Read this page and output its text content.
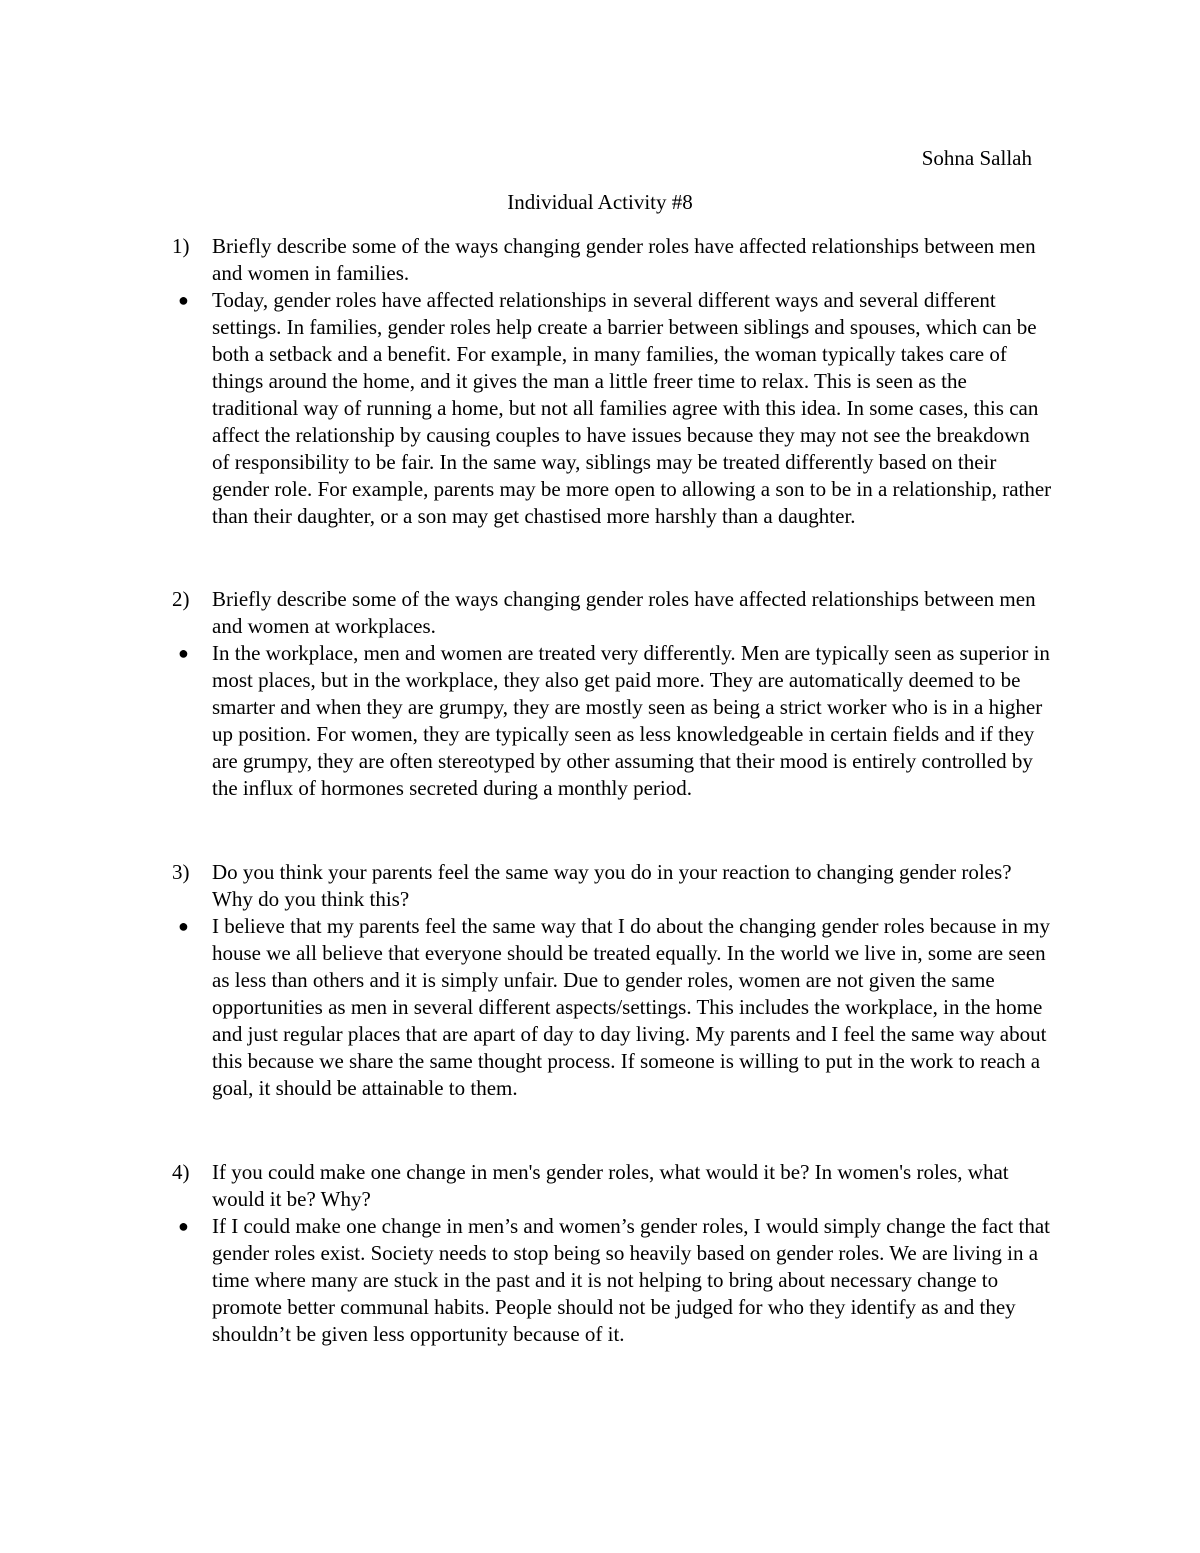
Sohna Sallah

Individual Activity #8

1) Briefly describe some of the ways changing gender roles have affected relationships between men and women in families.
● Today, gender roles have affected relationships in several different ways and several different settings. In families, gender roles help create a barrier between siblings and spouses, which can be both a setback and a benefit. For example, in many families, the woman typically takes care of things around the home, and it gives the man a little freer time to relax. This is seen as the traditional way of running a home, but not all families agree with this idea. In some cases, this can affect the relationship by causing couples to have issues because they may not see the breakdown of responsibility to be fair. In the same way, siblings may be treated differently based on their gender role. For example, parents may be more open to allowing a son to be in a relationship, rather than their daughter, or a son may get chastised more harshly than a daughter.
2) Briefly describe some of the ways changing gender roles have affected relationships between men and women at workplaces.
● In the workplace, men and women are treated very differently. Men are typically seen as superior in most places, but in the workplace, they also get paid more. They are automatically deemed to be smarter and when they are grumpy, they are mostly seen as being a strict worker who is in a higher up position. For women, they are typically seen as less knowledgeable in certain fields and if they are grumpy, they are often stereotyped by other assuming that their mood is entirely controlled by the influx of hormones secreted during a monthly period.
3) Do you think your parents feel the same way you do in your reaction to changing gender roles? Why do you think this?
● I believe that my parents feel the same way that I do about the changing gender roles because in my house we all believe that everyone should be treated equally. In the world we live in, some are seen as less than others and it is simply unfair. Due to gender roles, women are not given the same opportunities as men in several different aspects/settings. This includes the workplace, in the home and just regular places that are apart of day to day living. My parents and I feel the same way about this because we share the same thought process. If someone is willing to put in the work to reach a goal, it should be attainable to them.
4) If you could make one change in men's gender roles, what would it be? In women's roles, what would it be? Why?
● If I could make one change in men’s and women’s gender roles, I would simply change the fact that gender roles exist. Society needs to stop being so heavily based on gender roles. We are living in a time where many are stuck in the past and it is not helping to bring about necessary change to promote better communal habits. People should not be judged for who they identify as and they shouldn’t be given less opportunity because of it.
